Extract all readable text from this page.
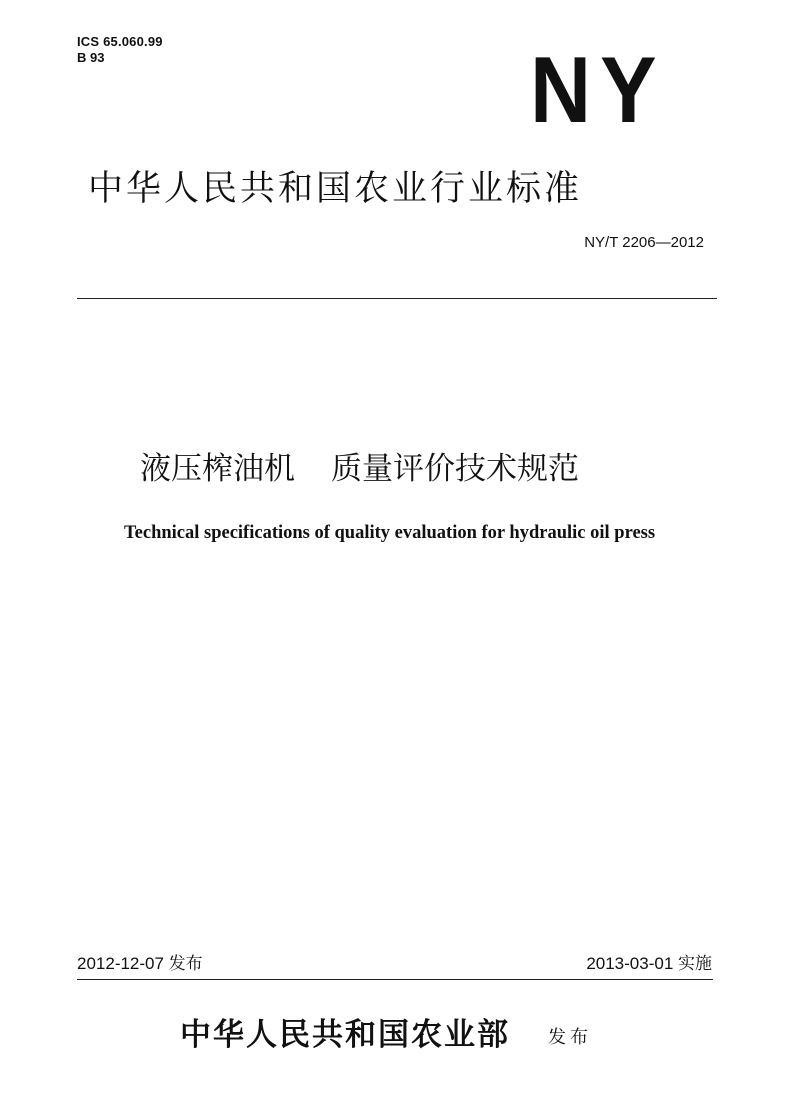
ICS 65.060.99
B 93	NY
中华人民共和国农业行业标准
NY/T 2206—2012
液压榨油机 质量评价技术规范
Technical specifications of quality evaluation for hydraulic oil press
2012-12-07 发布	2013-03-01 实施
中华人民共和国农业部 发布
